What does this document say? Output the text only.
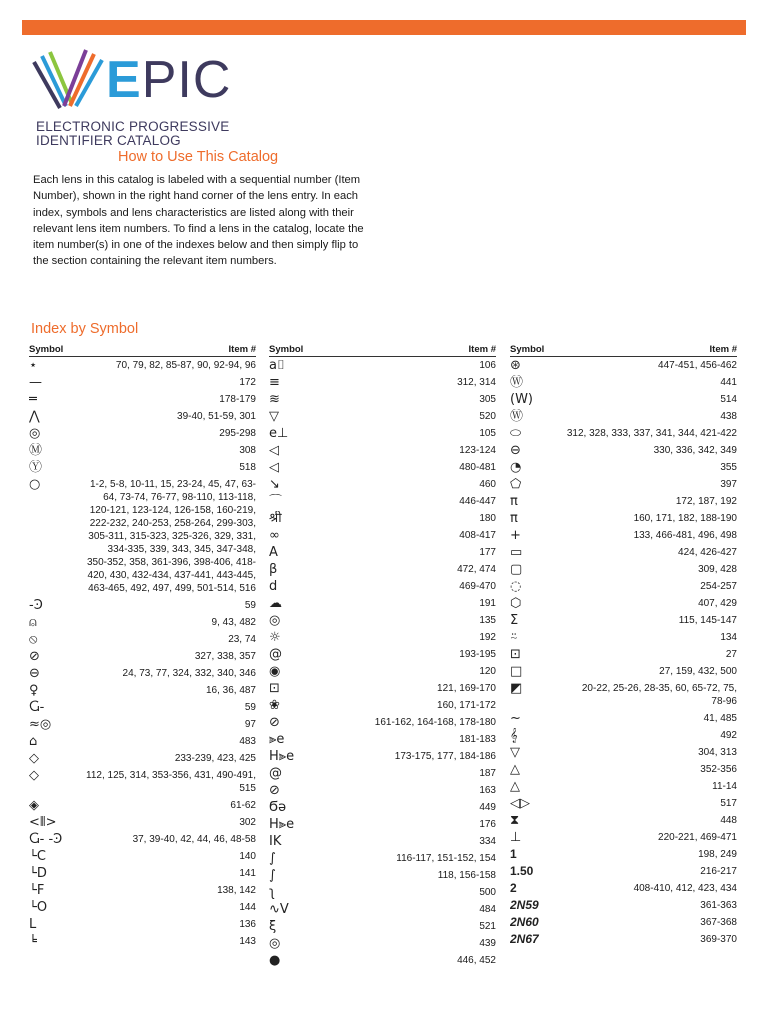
EPIC
ELECTRONIC PROGRESSIVE
IDENTIFIER CATALOG
How to Use This Catalog
Each lens in this catalog is labeled with a sequential number (Item Number), shown in the right hand corner of the lens entry. In each index, symbols and lens characteristics are listed along with their relevant lens item numbers. To find a lens in the catalog, locate the item number(s) in one of the indexes below and then simply flip to the section containing the relevant item numbers.
Index by Symbol
Symbol	Item #
⋆	70, 79, 82, 85-87, 90, 92-94, 96
—	172
═	178-179
⋀	39-40, 51-59, 301
◎	295-298
Ⓜ	308
Ⓨ	518
○	1-2, 5-8, 10-11, 15, 23-24, 45, 47, 63-64, 73-74, 76-77, 98-110, 113-118, 120-121, 123-124, 126-158, 160-219, 222-232, 240-253, 258-264, 299-303, 305-311, 315-323, 325-326, 329, 331, 334-335, 339, 343, 345, 347-348, 350-352, 358, 361-396, 398-406, 418-420, 430, 432-434, 437-441, 443-445, 463-465, 492, 497, 499, 501-514, 516
-Ͽ	59
⍝	9, 43, 482
⦸	23, 74
⊘	327, 338, 357
⊖	24, 73, 77, 324, 332, 340, 346
♀	16, 36, 487
Ⴚ-	59
≈◎	97
⌂	483
◇	233-239, 423, 425
◇	112, 125, 314, 353-356, 431, 490-491, 515
◈	61-62
<⦀>	302
Ⴚ- -Ͽ	37, 39-40, 42, 44, 46, 48-58
└C	140
└D	141
└F	138, 142
└O	144
L	136
╘	143
Symbol	Item #
a⌷	106
≡	312, 314
≋	305
▽	520
e⊥	105
◁	123-124
◁	480-481
↘	460
⌒	446-447
श्री	180
∞	408-417
A	177
β	472, 474
d	469-470
☁	191
◎	135
☼	192
@	193-195
◉	120
⊡	121, 169-170
❀	160, 171-172
⊘	161-162, 164-168, 178-180
⫸e	181-183
H⫸e	173-175, 177, 184-186
@	187
⊘	163
Ϭə	449
H⫸e	176
IK	334
∫	116-117, 151-152, 154
∫	118, 156-158
ʅ	500
∿V	484
ξ	521
◎	439
●	446, 452
Symbol	Item #
⊛	447-451, 456-462
Ⓦ	441
(W)	514
Ⓦ	438
⬭	312, 328, 333, 337, 341, 344, 421-422
⊖	330, 336, 342, 349
◔	355
⬠	397
π	172, 187, 192
π	160, 171, 182, 188-190
+	133, 466-481, 496, 498
▭	424, 426-427
▢	309, 428
◌	254-257
⬡	407, 429
Σ	115, 145-147
⍨	134
⊡	27
□	27, 159, 432, 500
◩	20-22, 25-26, 28-35, 60, 65-72, 75, 78-96
~	41, 485
𝄞	492
▽	304, 313
△	352-356
△	11-14
◁▷	517
⧗	448
⊥	220-221, 469-471
1	198, 249
1.50	216-217
2	408-410, 412, 423, 434
2N59	361-363
2N60	367-368
2N67	369-370
